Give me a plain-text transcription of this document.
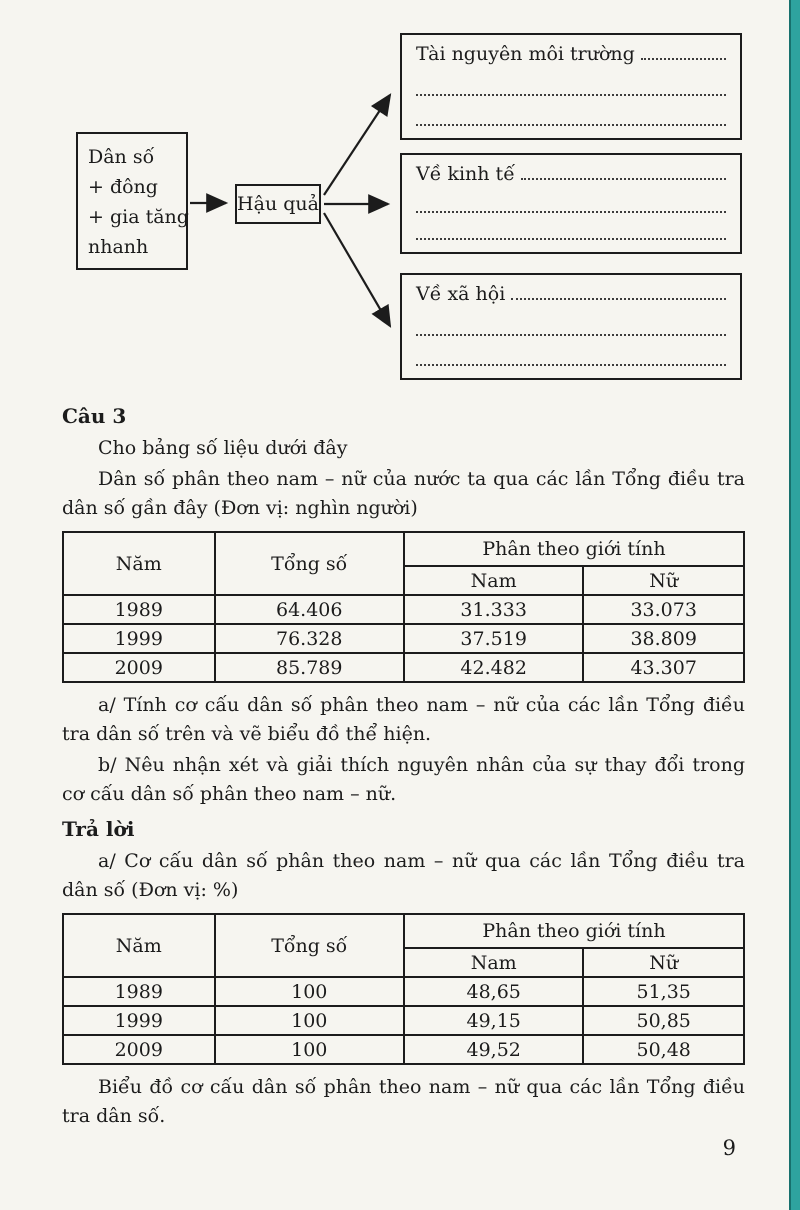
Dân số
+ đông
+ gia tăng
nhanh
Hậu quả
Tài nguyên môi trường
Về kinh tế
Về xã hội
Câu 3

Cho bảng số liệu dưới đây

Dân số phân theo nam – nữ của nước ta qua các lần Tổng điều tra dân số gần đây (Đơn vị: nghìn người)

Năm	Tổng số	Phân theo giới tính	
		Nam	Nữ
1989	64.406	31.333	33.073
1999	76.328	37.519	38.809
2009	85.789	42.482	43.307

a/ Tính cơ cấu dân số phân theo nam – nữ của các lần Tổng điều tra dân số trên và vẽ biểu đồ thể hiện.

b/ Nêu nhận xét và giải thích nguyên nhân của sự thay đổi trong cơ cấu dân số phân theo nam – nữ.

Trả lời

a/ Cơ cấu dân số phân theo nam – nữ qua các lần Tổng điều tra dân số (Đơn vị: %)

Năm	Tổng số	Phân theo giới tính	
		Nam	Nữ
1989	100	48,65	51,35
1999	100	49,15	50,85
2009	100	49,52	50,48

Biểu đồ cơ cấu dân số phân theo nam – nữ qua các lần Tổng điều tra dân số.

9
